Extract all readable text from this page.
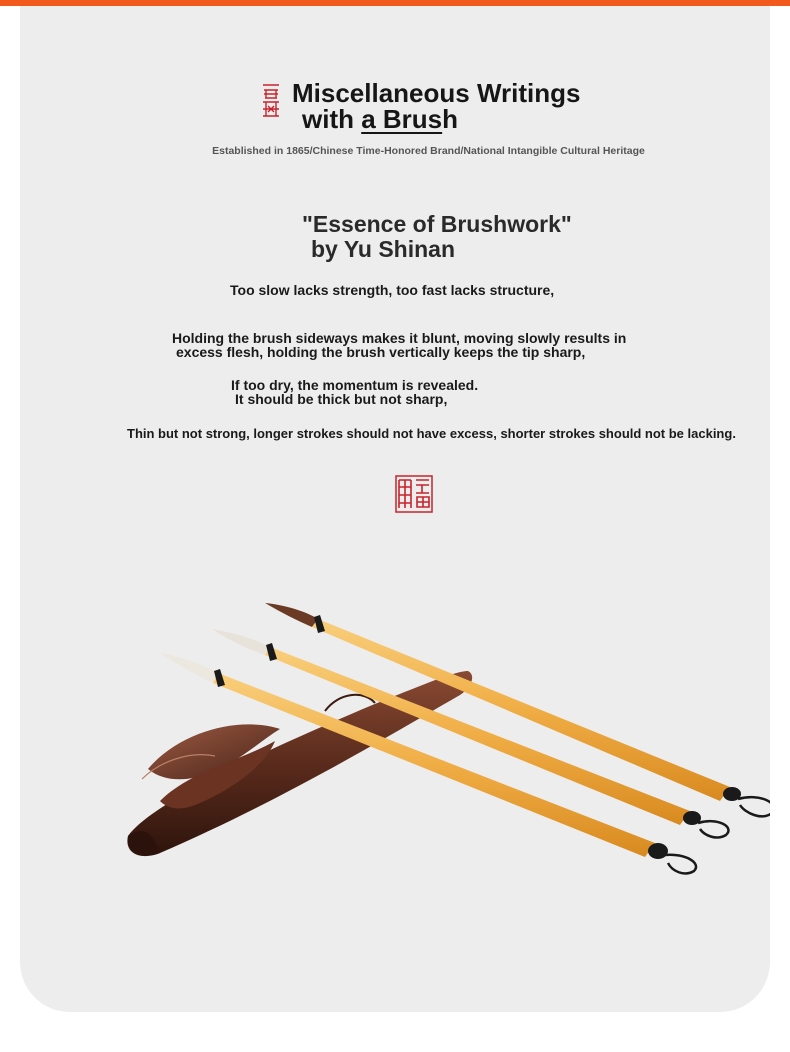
Miscellaneous Writings
with a Brush
Established in 1865/Chinese Time-Honored Brand/National Intangible Cultural Heritage
"Essence of Brushwork"
by Yu Shinan
Too slow lacks strength, too fast lacks structure,
Holding the brush sideways makes it blunt, moving slowly results in
excess flesh, holding the brush vertically keeps the tip sharp,
If too dry, the momentum is revealed.
It should be thick but not sharp,
Thin but not strong, longer strokes should not have excess, shorter strokes should not be lacking.
